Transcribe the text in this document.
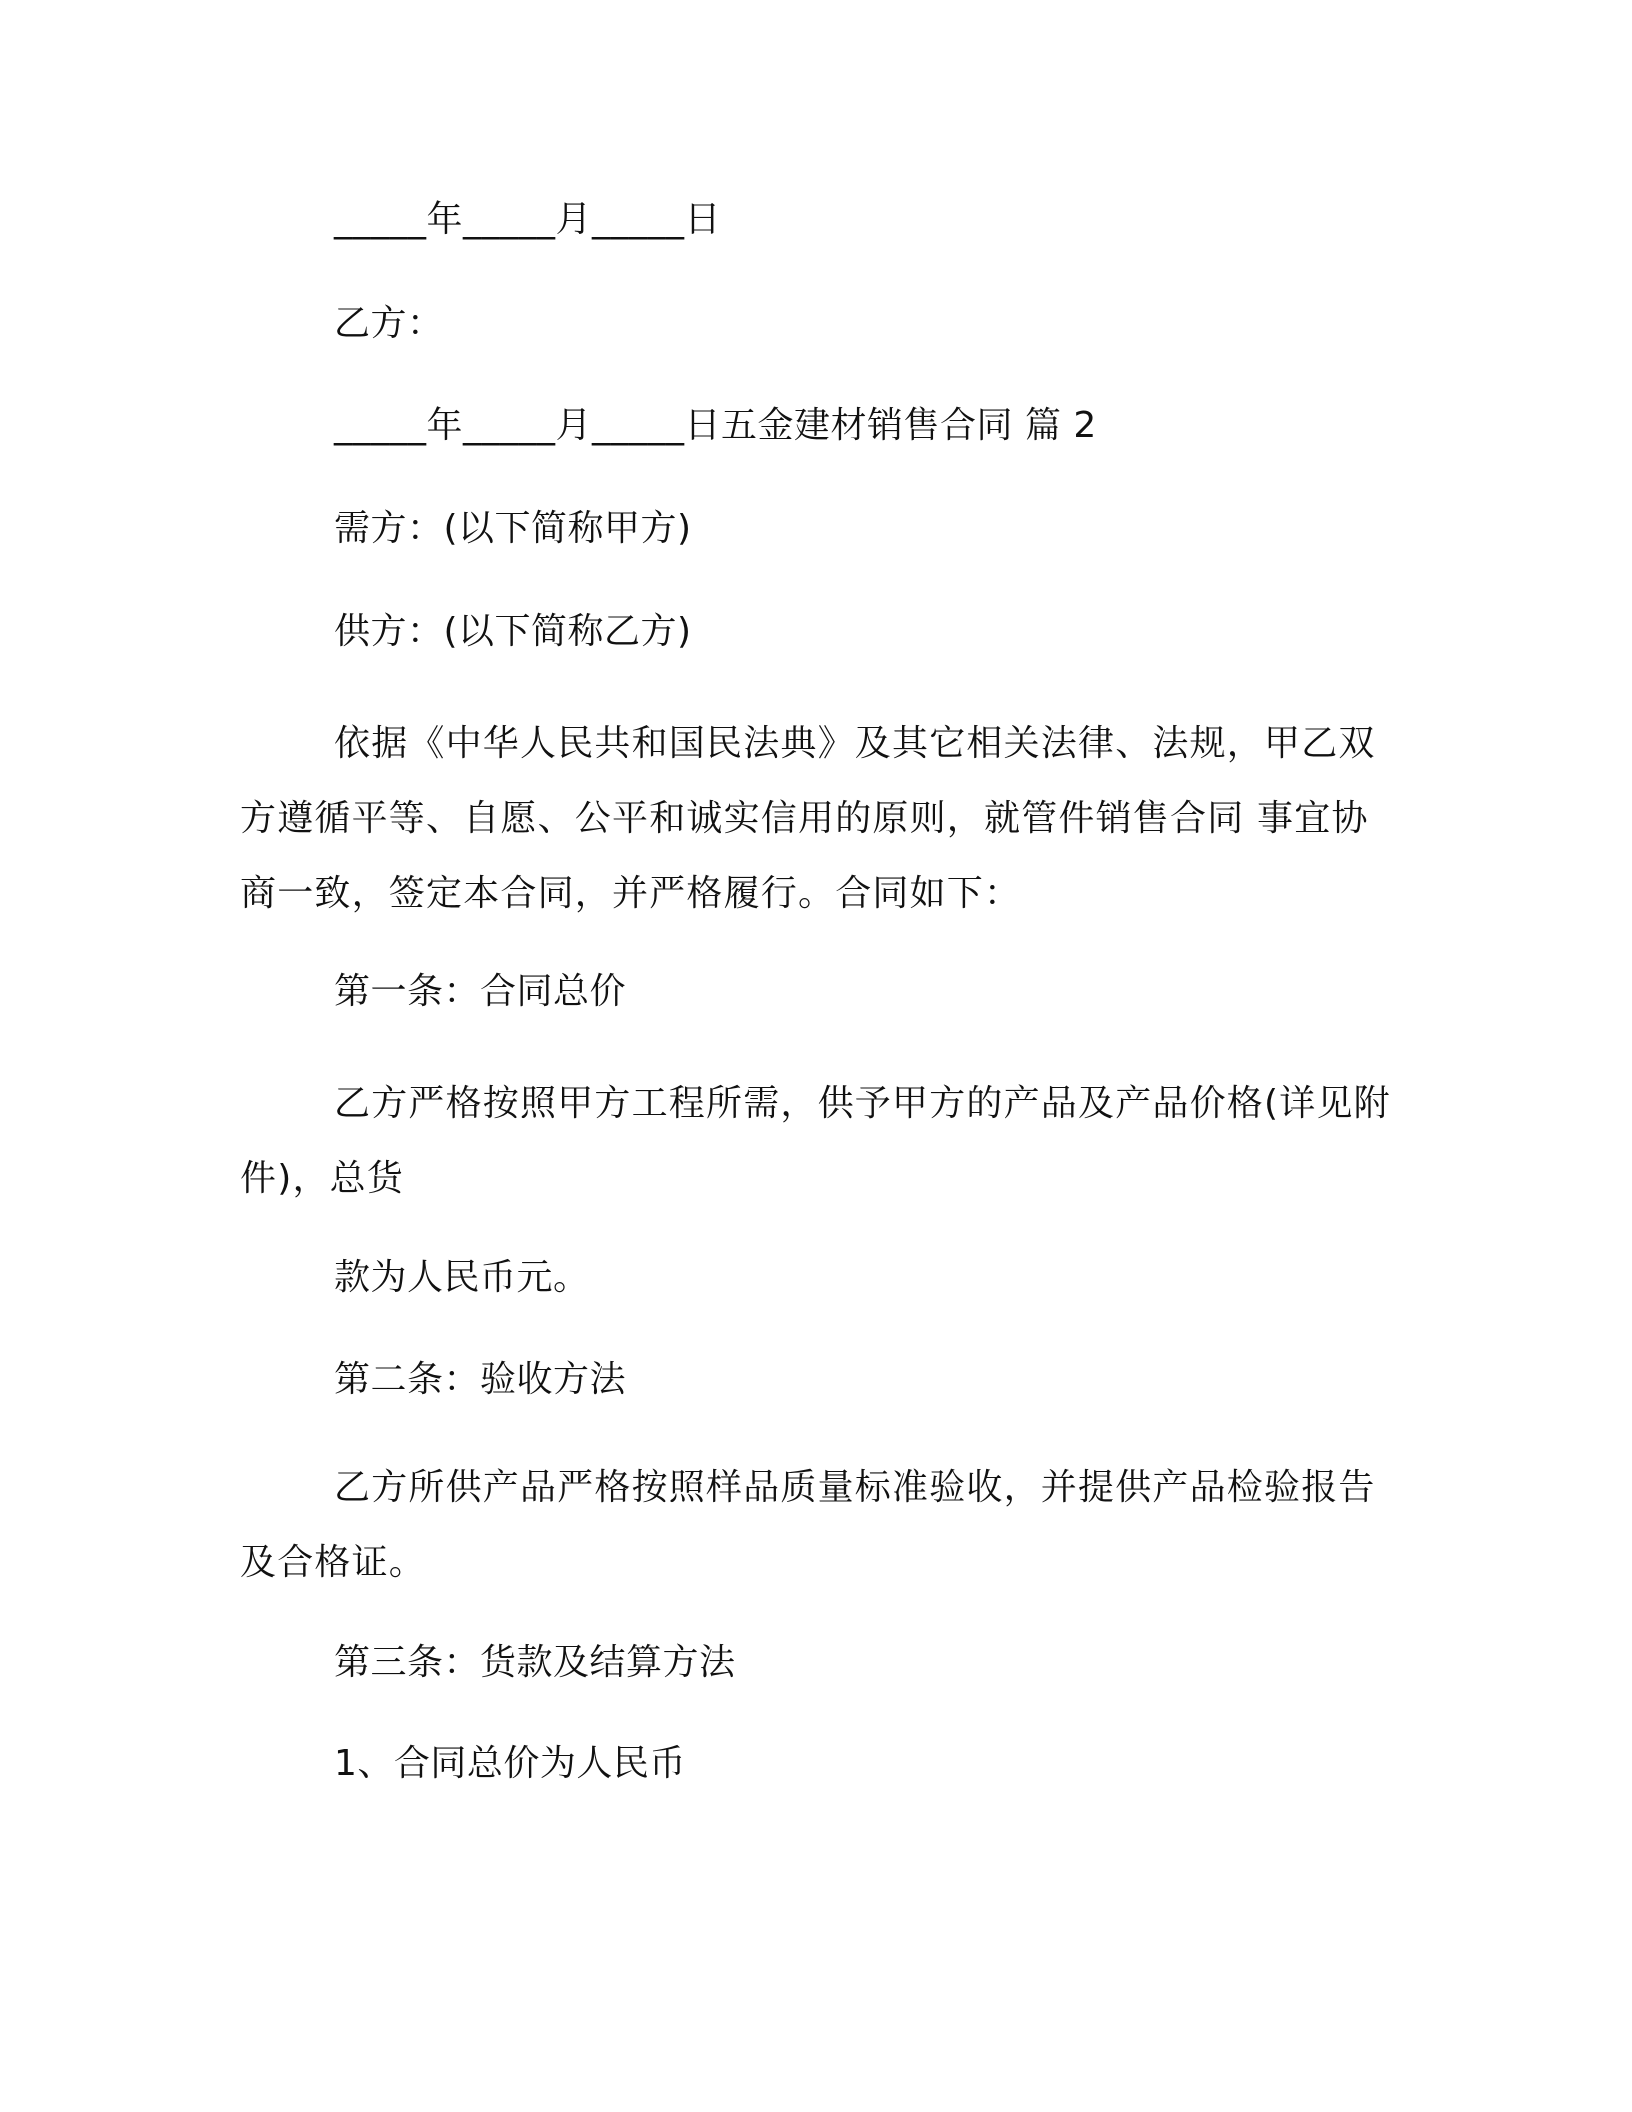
_____年_____月_____日
乙方：
_____年_____月_____日五金建材销售合同 篇 2
需方：(以下简称甲方)
供方：(以下简称乙方)
依据《中华人民共和国民法典》及其它相关法律、法规，甲乙双方遵循平等、自愿、公平和诚实信用的原则，就管件销售合同 事宜协商一致，签定本合同，并严格履行。合同如下：
第一条：合同总价
乙方严格按照甲方工程所需，供予甲方的产品及产品价格(详见附件)，总货
款为人民币元。
第二条：验收方法
乙方所供产品严格按照样品质量标准验收，并提供产品检验报告及合格证。
第三条：货款及结算方法
1、合同总价为人民币
